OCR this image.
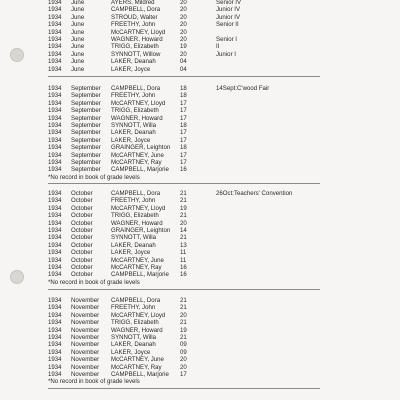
1934 June	AYERS, Mildred	20	Senior IV
1934 June	CAMPBELL, Dora	20	Junior IV
1934 June	STROUD, Walter	20	Junior IV
1934 June	FREETHY, John	20	Senior II
1934 June	McCARTNEY, Lloyd 20
1934 June	WAGNER, Howard	20	Senior I
1934 June	TRIGG, Elizabeth	19	II
1934 June	SYNNOTT, Willow	20	Junior I
1934 June	LAKER, Deanah	04
1934 June	LAKER, Joyce	04
1934 September CAMPBELL, Dora	18	14Sept:C'wood Fair
1934 September FREETHY, John	18
1934 September McCARTNEY, Lloyd 17
1934 September TRIGG, Elizabeth	17
1934 September WAGNER, Howard	17
1934 September SYNNOTT, Willa	18
1934 September LAKER, Deanah	17
1934 September LAKER, Joyce	17
1934 September GRAINGER, Leighton 18
1934 September McCARTNEY, June	17
1934 September McCARTNEY, Ray	17
1934 September CAMPBELL, Marjorie 16
*No record in book of grade levels
1934 October	CAMPBELL, Dora	21	26Oct:Teachers' Convention
1934 October	FREETHY, John	21
1934 October	McCARTNEY, Lloyd 19
1934 October	TRIGG, Elizabeth	21
1934 October	WAGNER, Howard	20
1934 October	GRAINGER, Leighton 14
1934 October	SYNNOTT, Willa	21
1934 October	LAKER, Deanah	13
1934 October	LAKER, Joyce	11
1934 October	McCARTNEY, June	11
1934 October	McCARTNEY, Ray	16
1934 October	CAMPBELL, Marjorie 16
*No record in book of grade levels
1934 November CAMPBELL, Dora	21
1934 November FREETHY, John	21
1934 November McCARTNEY, Lloyd 20
1934 November TRIGG, Elizabeth	21
1934 November WAGNER, Howard	19
1934 November SYNNOTT, Willa	21
1934 November LAKER, Deanah	09
1934 November LAKER, Joyce	09
1934 November McCARTNEY, June	20
1934 November McCARTNEY, Ray	20
1934 November CAMPBELL, Marjorie 17
*No record in book of grade levels
